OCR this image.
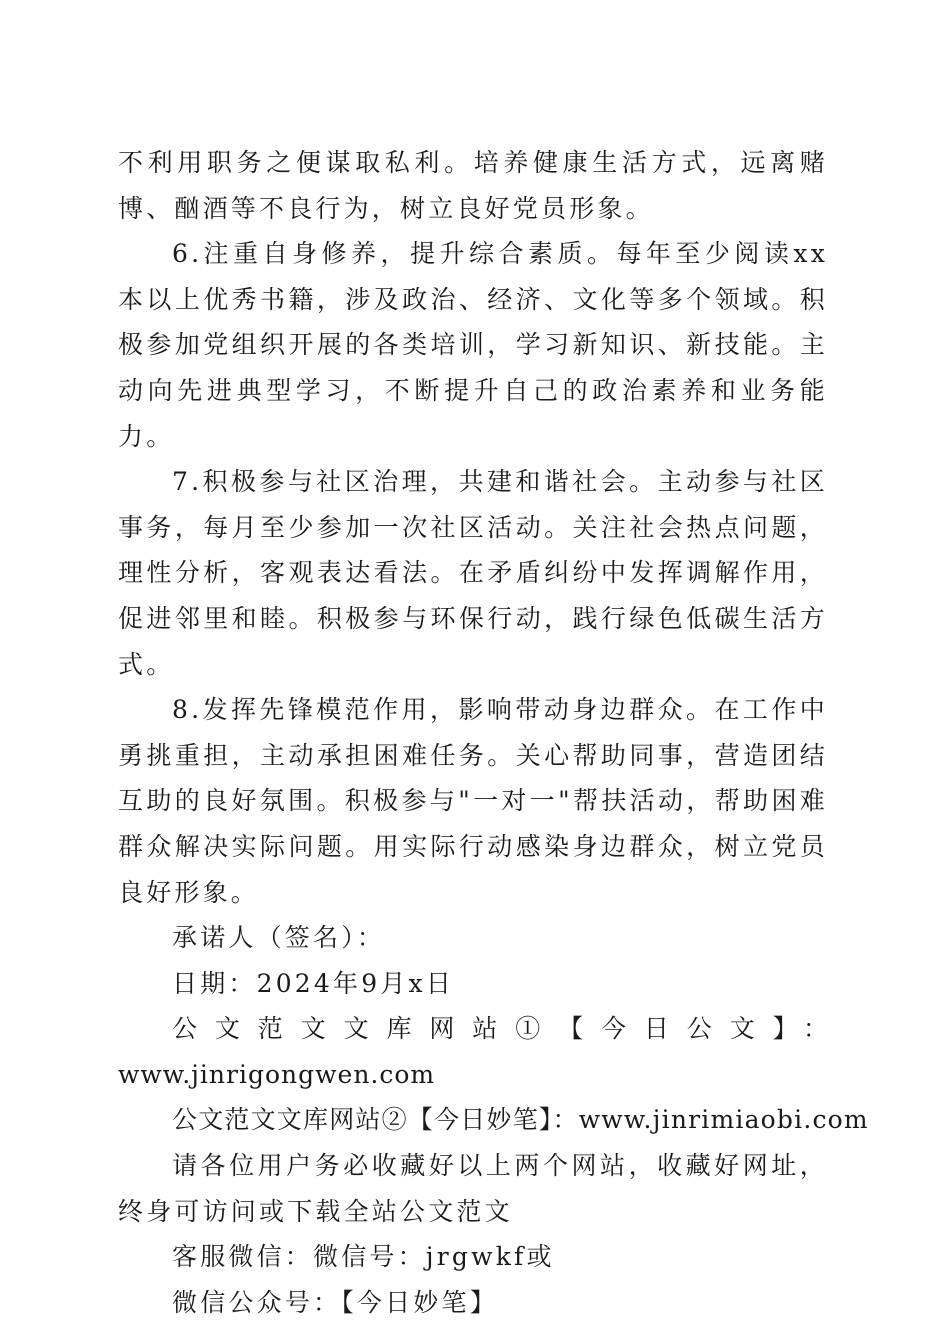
不利用职务之便谋取私利。培养健康生活方式，远离赌博、酗酒等不良行为，树立良好党员形象。

6.注重自身修养，提升综合素质。每年至少阅读xx本以上优秀书籍，涉及政治、经济、文化等多个领域。积极参加党组织开展的各类培训，学习新知识、新技能。主动向先进典型学习，不断提升自己的政治素养和业务能力。

7.积极参与社区治理，共建和谐社会。主动参与社区事务，每月至少参加一次社区活动。关注社会热点问题，理性分析，客观表达看法。在矛盾纠纷中发挥调解作用，促进邻里和睦。积极参与环保行动，践行绿色低碳生活方式。

8.发挥先锋模范作用，影响带动身边群众。在工作中勇挑重担，主动承担困难任务。关心帮助同事，营造团结互助的良好氛围。积极参与"一对一"帮扶活动，帮助困难群众解决实际问题。用实际行动感染身边群众，树立党员良好形象。

承诺人（签名）：

日期：2024年9月x日

公文范文文库网站①【今日公文】：

www.jinrigongwen.com

公文范文文库网站②【今日妙笔】：www.jinrimiaobi.com

请各位用户务必收藏好以上两个网站，收藏好网址，终身可访问或下载全站公文范文

客服微信：微信号：jrgwkf或

微信公众号：【今日妙笔】
